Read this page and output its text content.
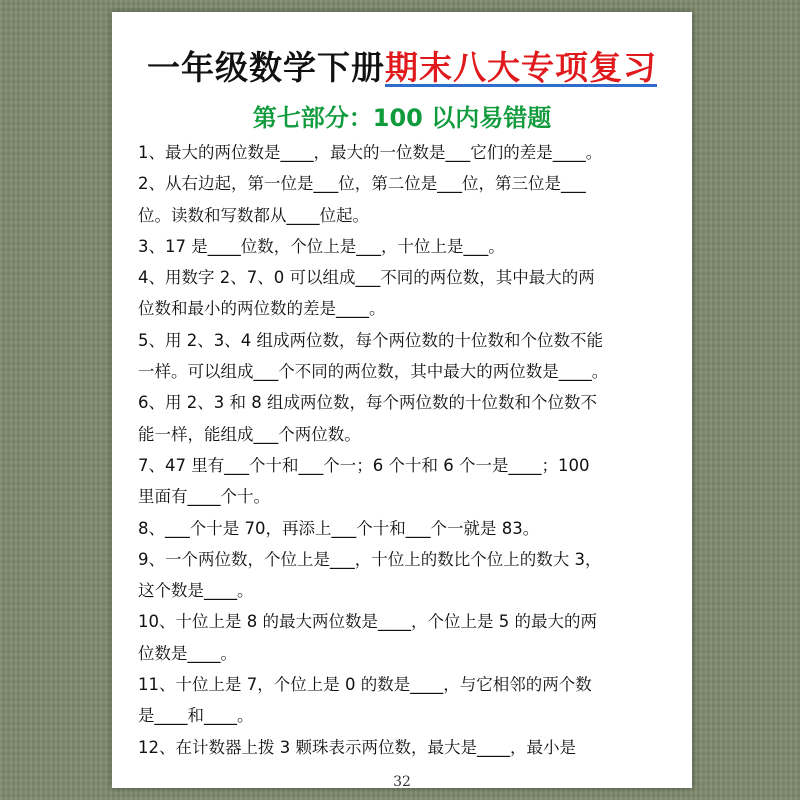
一年级数学下册期末八大专项复习
第七部分：100 以内易错题
1、最大的两位数是____，最大的一位数是___它们的差是____。
2、从右边起，第一位是___位，第二位是___位，第三位是___
位。读数和写数都从____位起。
3、17 是____位数，个位上是___，十位上是___。
4、用数字 2、7、0 可以组成___不同的两位数，其中最大的两
位数和最小的两位数的差是____。
5、用 2、3、4 组成两位数，每个两位数的十位数和个位数不能
一样。可以组成___个不同的两位数，其中最大的两位数是____。
6、用 2、3 和 8 组成两位数，每个两位数的十位数和个位数不
能一样，能组成___个两位数。
7、47 里有___个十和___个一；6 个十和 6 个一是____；100
里面有____个十。
8、___个十是 70，再添上___个十和___个一就是 83。
9、一个两位数，个位上是___，十位上的数比个位上的数大 3，
这个数是____。
10、十位上是 8 的最大两位数是____，个位上是 5 的最大的两
位数是____。
11、十位上是 7，个位上是 0 的数是____，与它相邻的两个数
是____和____。
12、在计数器上拨 3 颗珠表示两位数，最大是____，最小是
32
